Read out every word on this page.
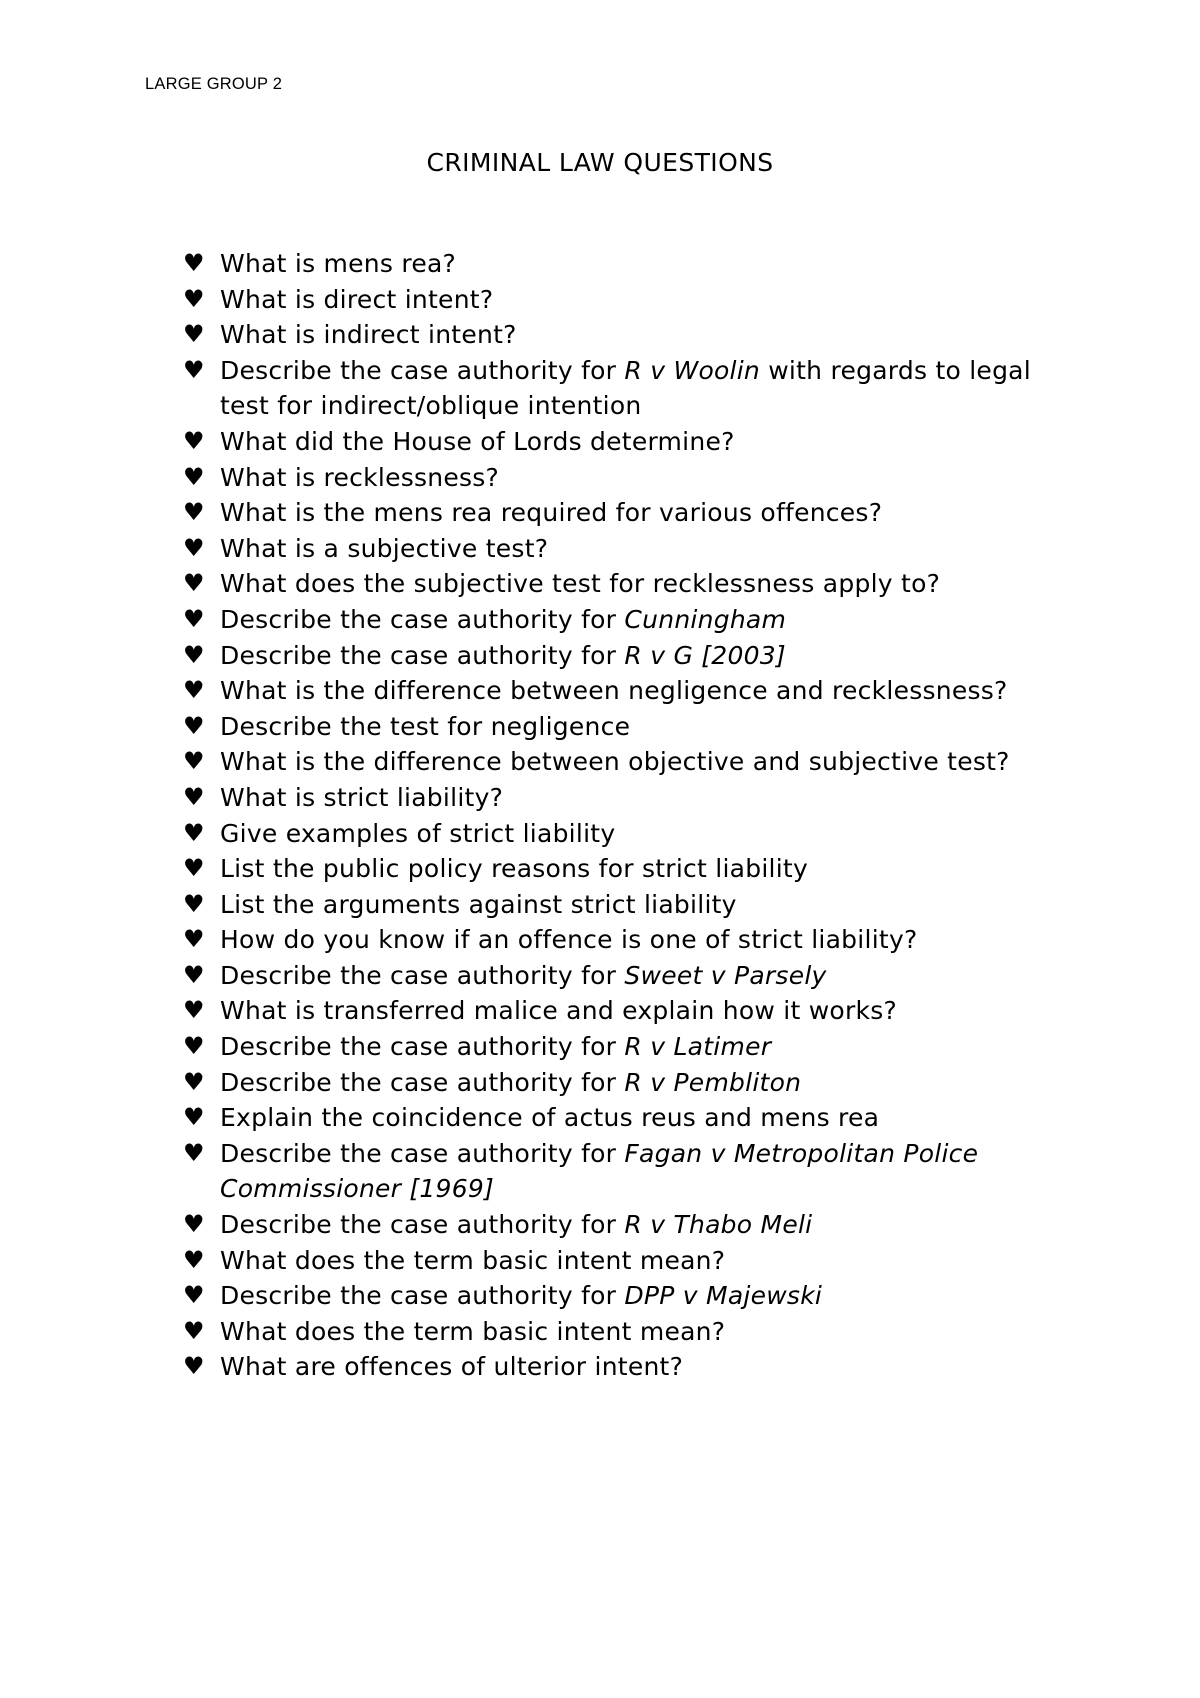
LARGE GROUP 2
CRIMINAL LAW QUESTIONS
♥ What is mens rea?
♥ What is direct intent?
♥ What is indirect intent?
♥ Describe the case authority for R v Woolin with regards to legal test for indirect/oblique intention
♥ What did the House of Lords determine?
♥ What is recklessness?
♥ What is the mens rea required for various offences?
♥ What is a subjective test?
♥ What does the subjective test for recklessness apply to?
♥ Describe the case authority for Cunningham
♥ Describe the case authority for R v G [2003]
♥ What is the difference between negligence and recklessness?
♥ Describe the test for negligence
♥ What is the difference between objective and subjective test?
♥ What is strict liability?
♥ Give examples of strict liability
♥ List the public policy reasons for strict liability
♥ List the arguments against strict liability
♥ How do you know if an offence is one of strict liability?
♥ Describe the case authority for Sweet v Parsely
♥ What is transferred malice and explain how it works?
♥ Describe the case authority for R v Latimer
♥ Describe the case authority for R v Pembliton
♥ Explain the coincidence of actus reus and mens rea
♥ Describe the case authority for Fagan v Metropolitan Police Commissioner [1969]
♥ Describe the case authority for R v Thabo Meli
♥ What does the term basic intent mean?
♥ Describe the case authority for DPP v Majewski
♥ What does the term basic intent mean?
♥ What are offences of ulterior intent?
